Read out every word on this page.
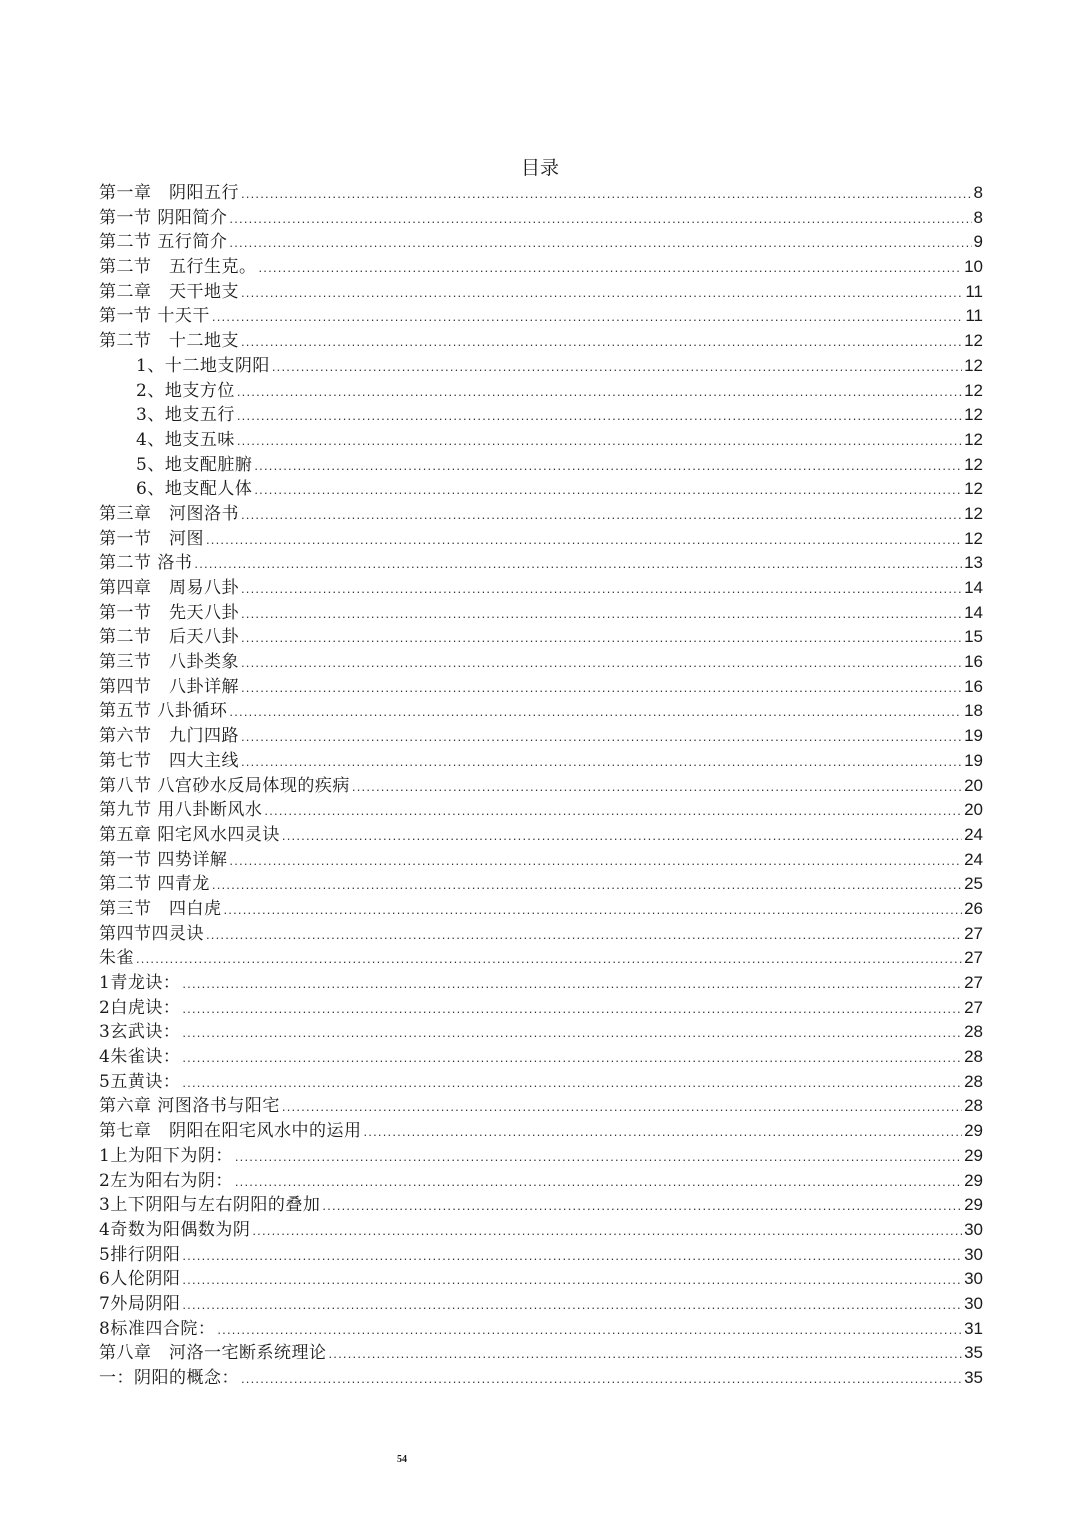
目录
第一章　阴阳五行 .....	8
第一节 阴阳简介 .....	8
第二节 五行简介 .....	9
第二节　五行生克。 .....	10
第二章　天干地支 .....	11
第一节 十天干 .....	11
第二节　十二地支 .....	12
1、十二地支阴阳 .....	12
2、地支方位 .....	12
3、地支五行 .....	12
4、地支五味 .....	12
5、地支配脏腑 .....	12
6、地支配人体 .....	12
第三章　河图洛书 .....	12
第一节　河图 .....	12
第二节 洛书 .....	13
第四章　周易八卦 .....	14
第一节　先天八卦 .....	14
第二节　后天八卦 .....	15
第三节　八卦类象 .....	16
第四节　八卦详解 .....	16
第五节 八卦循环 .....	18
第六节　九门四路 .....	19
第七节　四大主线 .....	19
第八节 八宫砂水反局体现的疾病 .....	20
第九节 用八卦断风水 .....	20
第五章 阳宅风水四灵诀 .....	24
第一节 四势详解 .....	24
第二节 四青龙 .....	25
第三节　四白虎 .....	26
第四节四灵诀 .....	27
朱雀 .....	27
1青龙诀： .....	27
2白虎诀： .....	27
3玄武诀： .....	28
4朱雀诀： .....	28
5五黄诀： .....	28
第六章 河图洛书与阳宅 .....	28
第七章　阴阳在阳宅风水中的运用 .....	29
1上为阳下为阴： .....	29
2左为阳右为阴： .....	29
3上下阴阳与左右阴阳的叠加 .....	29
4奇数为阳偶数为阴 .....	30
5排行阴阳 .....	30
6人伦阴阳 .....	30
7外局阴阳 .....	30
8标准四合院： .....	31
第八章　河洛一宅断系统理论 .....	35
一：阴阳的概念： .....	35
54
